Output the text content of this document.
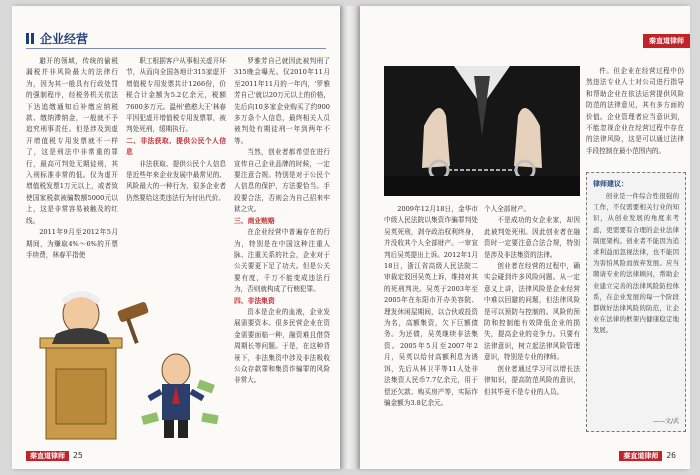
企业经营

避开的领域，传统的偷税漏税并非风险最大的法律行为，因为其一般具有行政处罚的强制程序，经税务机关依法下达追缴通知后补缴应纳税款、缴纳滞纳金，一般就不予追究刑事责任。但是涉及到虚开增值税专用发票就不一样了，这是刑法中非常重的罪行，最高可判处无期徒刑，其入刑标准非常的低。仅为虚开增值税发票1万元以上，或者致使国家税款被骗数额5000元以上，这是非常容易被触及的红线。

2011年9月至2012年5月期间，为赚取4%～6%的开票手续费，林春平指使

职工根据客户从事相关虚开环节，从而向全国各地计315家虚开增值税专用发票共计1266份，价税合计金额为5.2亿余元，税额7600多万元。温州'憨憨大王'林春平因犯虚开增值税专用发票罪，被判处死刑，缓期执行。

二、非法获取、提供公民个人信息

非法获取、提供公民个人信息是近些年来企业发展中最常见的、风险最大的一种行为，很多企业者仍然要给这类违法行为付出代价。

罗雅芳自己就因此被判刑了315晚会曝光。仅2010年11月至2011年11月的一年内，'罗雅芳自己'就以20万元以上的价格，先后向10多家企业购买了约900多万条个人信息，最终相关人员被判处有期徒刑一年到两年不等。

当然，创业者都希望在进行宣传自己企业品牌的时候，一定要注意合规。特别是对于公民个人信息的保护，方法要恰当。手段要合法，否则会为自己招来牢狱之灾。

三、商业贿赂

在企业经营中普遍存在的行为，特别是在中国这种注重人脉、注重关系的社会，企业对于公关要更下足了功夫。但是公关要有度，千万不能变成违法行为，否则就构成了行贿犯罪。

四、非法集资

资本是企业的血液，企业发展需要资本。很多民营企业在资金需要面临一种，融资难且借贷周期长等问题。于是，在这种背景下，非法集资中涉及非法吸收公众存款罪和集资诈骗罪的风险非常大。

秦直道律师 25
秦直道律师

件。但企业在经营过程中仍然违法专业人士对公司进行指导和帮助企业在依法运营提供风险防范的法律意见，其有多方面的价值。企业管理者应当意识到，不能忽视企业在经营过程中存在的法律风险，这是可以通过法律手段控制在最小范围内的。

2009年12月18日，金华市中级人民法院以集资诈骗罪判处吴英死刑，剥夺政治权利终身，并没收其个人全部财产。一审宣判后吴英提出上诉。2012年1月18日，浙江省高级人民法院二审裁定驳回吴英上诉，维持对其的死刑判决。吴英于2003年至2005年在东阳市开办美容院、理发休闲屋期间，以合伙或投资为名，高额集资，欠下巨额债务。为还债，吴英继续非法集资。2005年5月至2007年2月，吴英以给付高额利息为诱饵，先后从林卫平等11人处非法集资人民币7.7亿余元，用于偿还欠款、购买房产等，实际诈骗金额为3.8亿余元。

个人全部财产。

不是成功的女企业家，却因此被判处死刑。因此创业者在融资时一定要注意合法合规，特别是涉及非法集资的法律。

创业者在经营的过程中，确实会碰到许多风险问题。从一定意义上讲，法律风险是企业经营中难以回避的问题，但法律风险是可以预防与控制的。风险的预防和控制能有效降低企业的损失，提高企业的竞争力。只要有法律意识，树立起法律风险管理意识，特别是专业的律师。

创业者通过学习可以增长法律知识，提高防范风险的意识，但其毕竟不是专业的人员。

律师建议：

创业是一件综合性很强的工作，不仅需要相关行业的知识，从创业发展的角度来考虑，更需要有合理的企业法律制度架构。创业者不能因为追求利益而忽视法律，也不能因为害怕风险而放弃发展。应当聘请专业的法律顾问，帮助企业建立完善的法律风险防控体系，在企业发展的每一个阶段都做好法律风险的防范，让企业在法律的框架内健康稳定地发展。

——文/武
秦直道律师 26
